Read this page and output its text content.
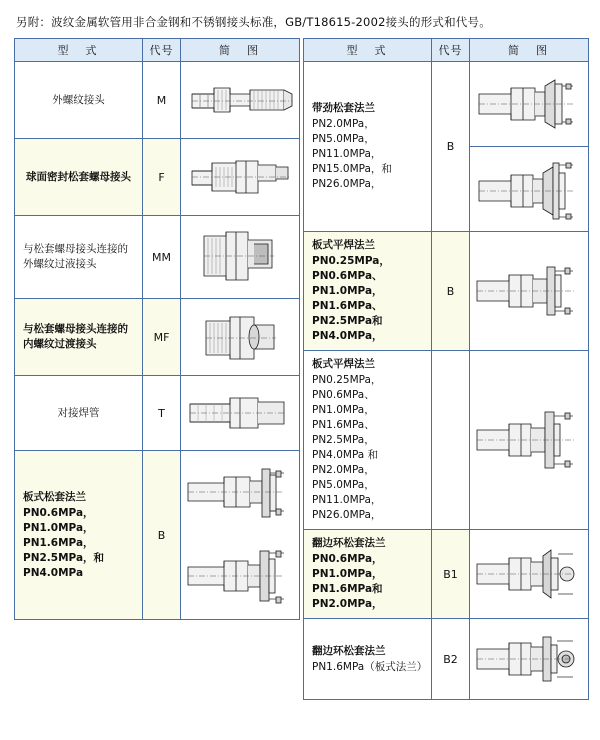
另附：波纹金属软管用非合金钢和不锈钢接头标准，GB/T18615-2002接头的形式和代号。
型　式	代号	简　图
外螺纹接头	M	

球面密封松套螺母接头	F	

与松套螺母接头连接的外螺纹过液接头	MM	

与松套螺母接头连接的内螺纹过渡接头	MF	

对接焊管	T	

板式松套法兰
PN0.6MPa，PN1.0MPa，PN1.6MPa，PN2.5MPa，和PN4.0MPa	B	
型　式	代号	简　图

带劲松套法兰
PN2.0MPa，PN5.0MPa，PN11.0MPa，PN15.0MPa，和PN26.0MPa，	B	

板式平焊法兰
PN0.25MPa，PN0.6MPa、PN1.0MPa，PN1.6MPa、PN2.5MPa和PN4.0MPa，	B	

板式平焊法兰
PN0.25MPa，PN0.6MPa、PN1.0MPa，PN1.6MPa、PN2.5MPa，PN4.0MPa 和PN2.0MPa，PN5.0MPa，PN11.0MPa，PN26.0MPa，		

翻边环松套法兰
PN0.6MPa，PN1.0MPa，PN1.6MPa和PN2.0MPa，	B1	

翻边环松套法兰
PN1.6MPa（板式法兰）	B2	
